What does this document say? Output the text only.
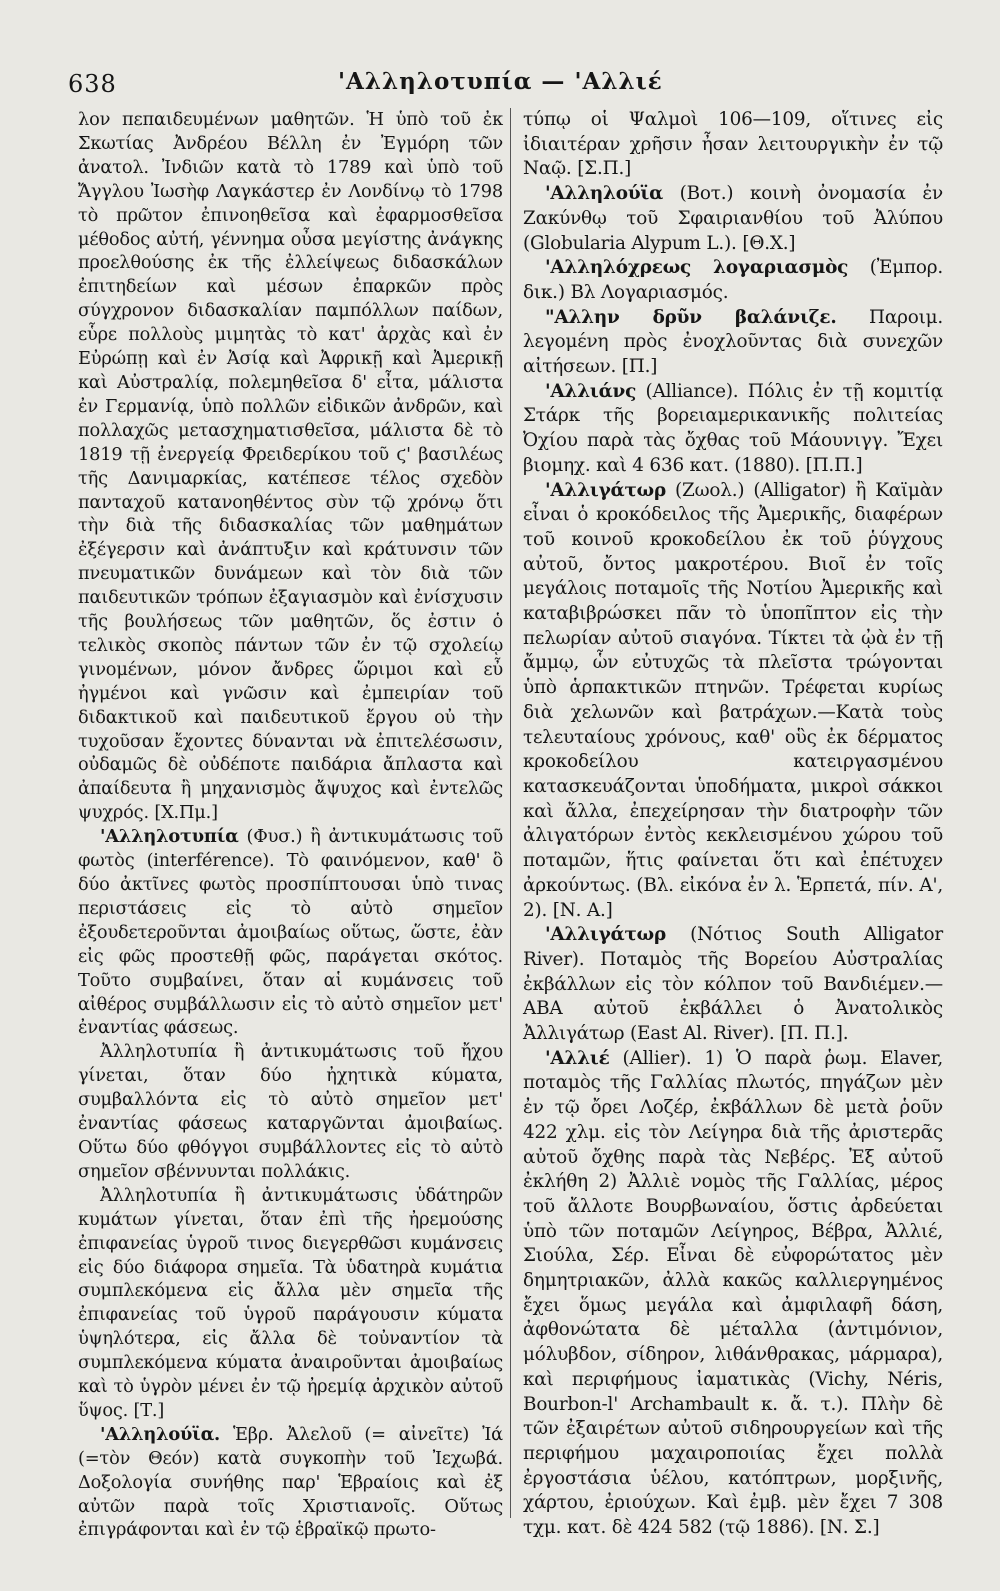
638	'Αλληλοτυπία — 'Αλλιέ

λον πεπαιδευμένων μαθητῶν. Ἡ ὑπὸ τοῦ ἐκ Σκωτίας Ἀνδρέου Βέλλη ἐν Ἐγμόρη τῶν ἀνατολ. Ἰνδιῶν κατὰ τὸ 1789 καὶ ὑπὸ τοῦ Ἄγγλου Ἰωσὴφ Λαγκάστερ ἐν Λονδίνῳ τὸ 1798 τὸ πρῶτον ἐπινοηθεῖσα καὶ ἐφαρμοσθεῖσα μέθοδος αὐτή, γέννημα οὖσα μεγίστης ἀνάγκης προελθούσης ἐκ τῆς ἐλλείψεως διδασκάλων ἐπιτηδείων καὶ μέσων ἐπαρκῶν πρὸς σύγχρονον διδασκαλίαν παμπόλλων παίδων, εὗρε πολλοὺς μιμητὰς τὸ κατ' ἀρχὰς καὶ ἐν Εὐρώπῃ καὶ ἐν Ἀσίᾳ καὶ Ἀφρικῇ καὶ Ἀμερικῇ καὶ Αὐστραλίᾳ, πολεμηθεῖσα δ' εἶτα, μάλιστα ἐν Γερμανίᾳ, ὑπὸ πολλῶν εἰδικῶν ἀνδρῶν, καὶ πολλαχῶς μετασχηματισθεῖσα, μάλιστα δὲ τὸ 1819 τῇ ἐνεργείᾳ Φρειδερίκου τοῦ ϛ' βασιλέως τῆς Δανιμαρκίας, κατέπεσε τέλος σχεδὸν πανταχοῦ κατανοηθέντος σὺν τῷ χρόνῳ ὅτι τὴν διὰ τῆς διδασκαλίας τῶν μαθημάτων ἐξέγερσιν καὶ ἀνάπτυξιν καὶ κράτυνσιν τῶν πνευματικῶν δυνάμεων καὶ τὸν διὰ τῶν παιδευτικῶν τρόπων ἐξαγιασμὸν καὶ ἐνίσχυσιν τῆς βουλήσεως τῶν μαθητῶν, ὅς ἐστιν ὁ τελικὸς σκοπὸς πάντων τῶν ἐν τῷ σχολείῳ γινομένων, μόνον ἄνδρες ὥριμοι καὶ εὖ ἠγμένοι καὶ γνῶσιν καὶ ἐμπειρίαν τοῦ διδακτικοῦ καὶ παιδευτικοῦ ἔργου οὐ τὴν τυχοῦσαν ἔχοντες δύνανται νὰ ἐπιτελέσωσιν, οὐδαμῶς δὲ οὐδέποτε παιδάρια ἄπλαστα καὶ ἀπαίδευτα ἢ μηχανισμὸς ἄψυχος καὶ ἐντελῶς ψυχρός. [Χ.Πμ.]

'Αλληλοτυπία (Φυσ.) ἢ ἀντικυμάτωσις τοῦ φωτὸς (interférence). Τὸ φαινόμενον, καθ' ὃ δύο ἀκτῖνες φωτὸς προσπίπτουσαι ὑπὸ τινας περιστάσεις εἰς τὸ αὐτὸ σημεῖον ἐξουδετεροῦνται ἀμοιβαίως οὕτως, ὥστε, ἐὰν εἰς φῶς προστεθῇ φῶς, παράγεται σκότος. Τοῦτο συμβαίνει, ὅταν αἱ κυμάνσεις τοῦ αἰθέρος συμβάλλωσιν εἰς τὸ αὐτὸ σημεῖον μετ' ἐναντίας φάσεως.

Ἀλληλοτυπία ἢ ἀντικυμάτωσις τοῦ ἤχου γίνεται, ὅταν δύο ἠχητικὰ κύματα, συμβαλλόντα εἰς τὸ αὐτὸ σημεῖον μετ' ἐναντίας φάσεως καταργῶνται ἀμοιβαίως. Οὕτω δύο φθόγγοι συμβάλλοντες εἰς τὸ αὐτὸ σημεῖον σβέννυνται πολλάκις.

Ἀλληλοτυπία ἢ ἀντικυμάτωσις ὑδάτηρῶν κυμάτων γίνεται, ὅταν ἐπὶ τῆς ἠρεμούσης ἐπιφανείας ὑγροῦ τινος διεγερθῶσι κυμάνσεις εἰς δύο διάφορα σημεῖα. Τὰ ὑδατηρὰ κυμάτια συμπλεκόμενα εἰς ἄλλα μὲν σημεῖα τῆς ἐπιφανείας τοῦ ὑγροῦ παράγουσιν κύματα ὑψηλότερα, εἰς ἄλλα δὲ τοὐναντίον τὰ συμπλεκόμενα κύματα ἀναιροῦνται ἀμοιβαίως καὶ τὸ ὑγρὸν μένει ἐν τῷ ἠρεμίᾳ ἀρχικὸν αὐτοῦ ὕψος. [Τ.]

'Αλληλούϊα. Ἑβρ. Ἀλελοῦ (= αἰνεῖτε) Ἰά (=τὸν Θεόν) κατὰ συγκοπὴν τοῦ Ἰεχωβά. Δοξολογία συνήθης παρ' Ἑβραίοις καὶ ἐξ αὐτῶν παρὰ τοῖς Χριστιανοῖς. Οὕτως ἐπιγράφονται καὶ ἐν τῷ ἑβραϊκῷ πρωτο-

τύπῳ οἱ Ψαλμοὶ 106—109, οἵτινες εἰς ἰδιαιτέραν χρῆσιν ἦσαν λειτουργικὴν ἐν τῷ Ναῷ. [Σ.Π.]

'Αλληλούϊα (Βοτ.) κοινὴ ὀνομασία ἐν Ζακύνθῳ τοῦ Σφαιριανθίου τοῦ Ἀλύπου (Globularia Alypum L.). [Θ.Χ.]

'Αλληλόχρεως λογαριασμὸς (Ἐμπορ. δικ.) Βλ Λογαριασμός.

"Αλλην δρῦν βαλάνιζε. Παροιμ. λεγομένη πρὸς ἐνοχλοῦντας διὰ συνεχῶν αἰτήσεων. [Π.]

'Αλλιάνς (Alliance). Πόλις ἐν τῇ κομιτίᾳ Στάρκ τῆς βορειαμερικανικῆς πολιτείας Ὀχίου παρὰ τὰς ὄχθας τοῦ Μάουνιγγ. Ἔχει βιομηχ. καὶ 4 636 κατ. (1880). [Π.Π.]

'Αλλιγάτωρ (Ζωολ.) (Alligator) ἢ Καϊμὰν εἶναι ὁ κροκόδειλος τῆς Ἀμερικῆς, διαφέρων τοῦ κοινοῦ κροκοδείλου ἐκ τοῦ ῥύγχους αὐτοῦ, ὄντος μακροτέρου. Βιοῖ ἐν τοῖς μεγάλοις ποταμοῖς τῆς Νοτίου Ἀμερικῆς καὶ καταβιβρώσκει πᾶν τὸ ὑποπῖπτον εἰς τὴν πελωρίαν αὐτοῦ σιαγόνα. Τίκτει τὰ ᾠὰ ἐν τῇ ἄμμῳ, ὧν εὐτυχῶς τὰ πλεῖστα τρώγονται ὑπὸ ἁρπακτικῶν πτηνῶν. Τρέφεται κυρίως διὰ χελωνῶν καὶ βατράχων.—Κατὰ τοὺς τελευταίους χρόνους, καθ' οὓς ἐκ δέρματος κροκοδείλου κατειργασμένου κατασκευάζονται ὑποδήματα, μικροὶ σάκκοι καὶ ἄλλα, ἐπεχείρησαν τὴν διατροφὴν τῶν ἀλιγατόρων ἐντὸς κεκλεισμένου χώρου τοῦ ποταμῶν, ἥτις φαίνεται ὅτι καὶ ἐπέτυχεν ἀρκούντως. (Βλ. εἰκόνα ἐν λ. Ἑρπετά, πίν. Α', 2). [Ν. Α.]

'Αλλιγάτωρ (Νότιος South Alligator River). Ποταμὸς τῆς Βορείου Αὐστραλίας ἐκβάλλων εἰς τὸν κόλπον τοῦ Βανδιέμεν.—ΑΒΑ αὐτοῦ ἐκβάλλει ὁ Ἀνατολικὸς Ἀλλιγάτωρ (East Al. River). [Π. Π.].

'Αλλιέ (Allier). 1) Ὁ παρὰ ῥωμ. Elaver, ποταμὸς τῆς Γαλλίας πλωτός, πηγάζων μὲν ἐν τῷ ὄρει Λοζέρ, ἐκβάλλων δὲ μετὰ ῥοῦν 422 χλμ. εἰς τὸν Λείγηρα διὰ τῆς ἀριστερᾶς αὐτοῦ ὄχθης παρὰ τὰς Νεβέρς. Ἐξ αὐτοῦ ἐκλήθη 2) Ἀλλιὲ νομὸς τῆς Γαλλίας, μέρος τοῦ ἄλλοτε Βουρβωναίου, ὅστις ἀρδεύεται ὑπὸ τῶν ποταμῶν Λείγηρος, Βέβρα, Ἀλλιέ, Σιούλα, Σέρ. Εἶναι δὲ εὐφορώτατος μὲν δημητριακῶν, ἀλλὰ κακῶς καλλιεργημένος ἔχει ὅμως μεγάλα καὶ ἀμφιλαφῆ δάση, ἀφθονώτατα δὲ μέταλλα (ἀντιμόνιον, μόλυβδον, σίδηρον, λιθάνθρακας, μάρμαρα), καὶ περιφήμους ἰαματικὰς (Vichy, Néris, Bourbon-l' Archambault κ. ἄ. τ.). Πλὴν δὲ τῶν ἐξαιρέτων αὐτοῦ σιδηρουργείων καὶ τῆς περιφήμου μαχαιροποιίας ἔχει πολλὰ ἐργοστάσια ὑέλου, κατόπτρων, μορξινῆς, χάρτου, ἐριούχων. Καὶ ἐμβ. μὲν ἔχει 7 308 τχμ. κατ. δὲ 424 582 (τῷ 1886). [Ν. Σ.]
